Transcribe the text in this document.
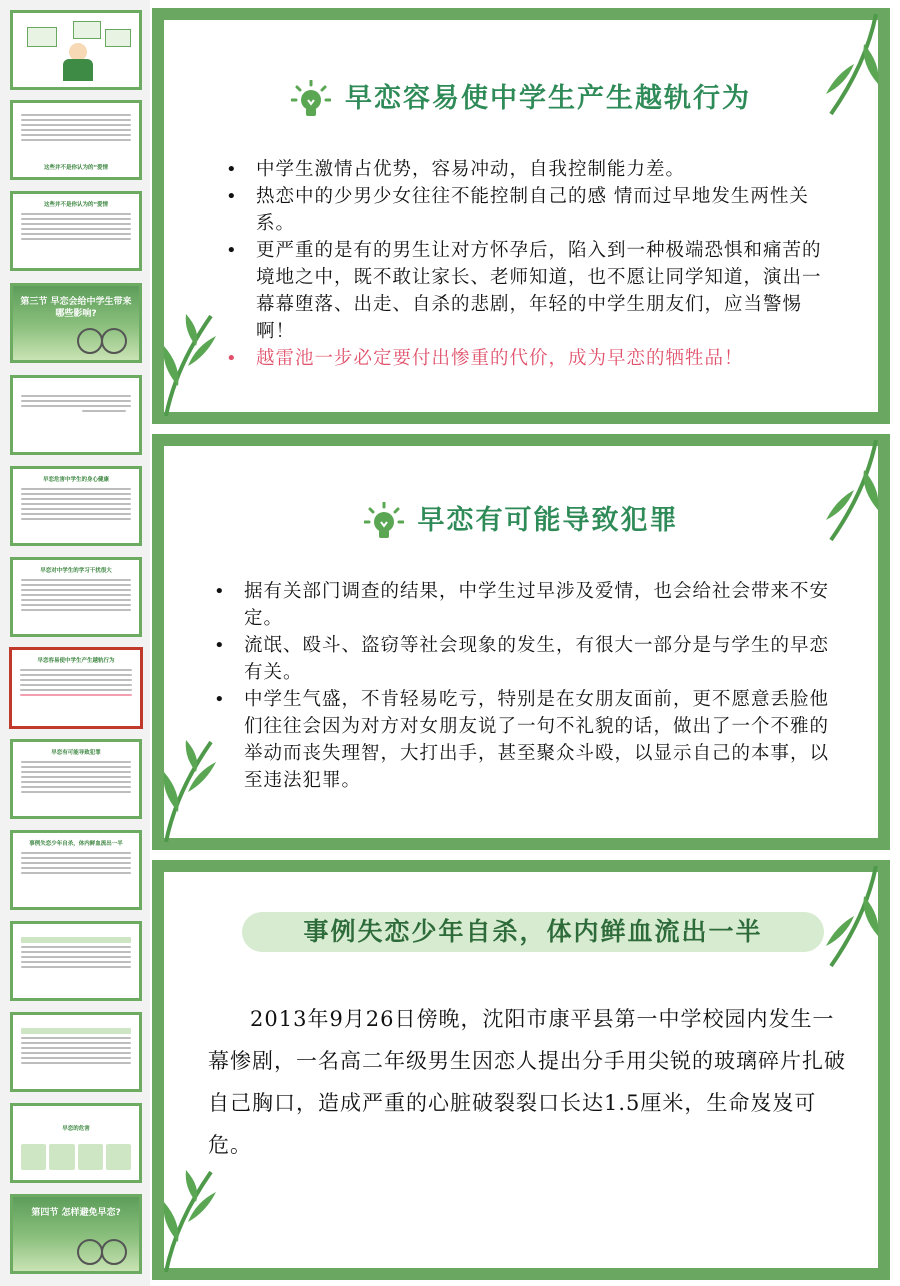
这些并不是你认为的“爱情
这些并不是你认为的“爱情
第三节 早恋会给中学生带来哪些影响?
早恋危害中学生的身心健康
早恋对中学生的学习干扰很大
早恋容易使中学生产生越轨行为
早恋有可能导致犯罪
事例失恋少年自杀，体内鲜血流出一半
早恋的危害
第四节 怎样避免早恋?
早恋容易使中学生产生越轨行为
• 中学生激情占优势，容易冲动，自我控制能力差。
• 热恋中的少男少女往往不能控制自己的感 情而过早地发生两性关系。
• 更严重的是有的男生让对方怀孕后，陷入到一种极端恐惧和痛苦的境地之中，既不敢让家长、老师知道，也不愿让同学知道，演出一幕幕堕落、出走、自杀的悲剧，年轻的中学生朋友们，应当警惕啊！
• 越雷池一步必定要付出惨重的代价，成为早恋的牺牲品！
早恋有可能导致犯罪
• 据有关部门调查的结果，中学生过早涉及爱情，也会给社会带来不安定。
• 流氓、殴斗、盗窃等社会现象的发生，有很大一部分是与学生的早恋有关。
• 中学生气盛，不肯轻易吃亏，特别是在女朋友面前，更不愿意丢脸他们往往会因为对方对女朋友说了一句不礼貌的话，做出了一个不雅的举动而丧失理智，大打出手，甚至聚众斗殴，以显示自己的本事，以至违法犯罪。
事例失恋少年自杀，体内鲜血流出一半
2013年9月26日傍晚，沈阳市康平县第一中学校园内发生一幕惨剧，一名高二年级男生因恋人提出分手用尖锐的玻璃碎片扎破自己胸口，造成严重的心脏破裂裂口长达1.5厘米，生命岌岌可危。
